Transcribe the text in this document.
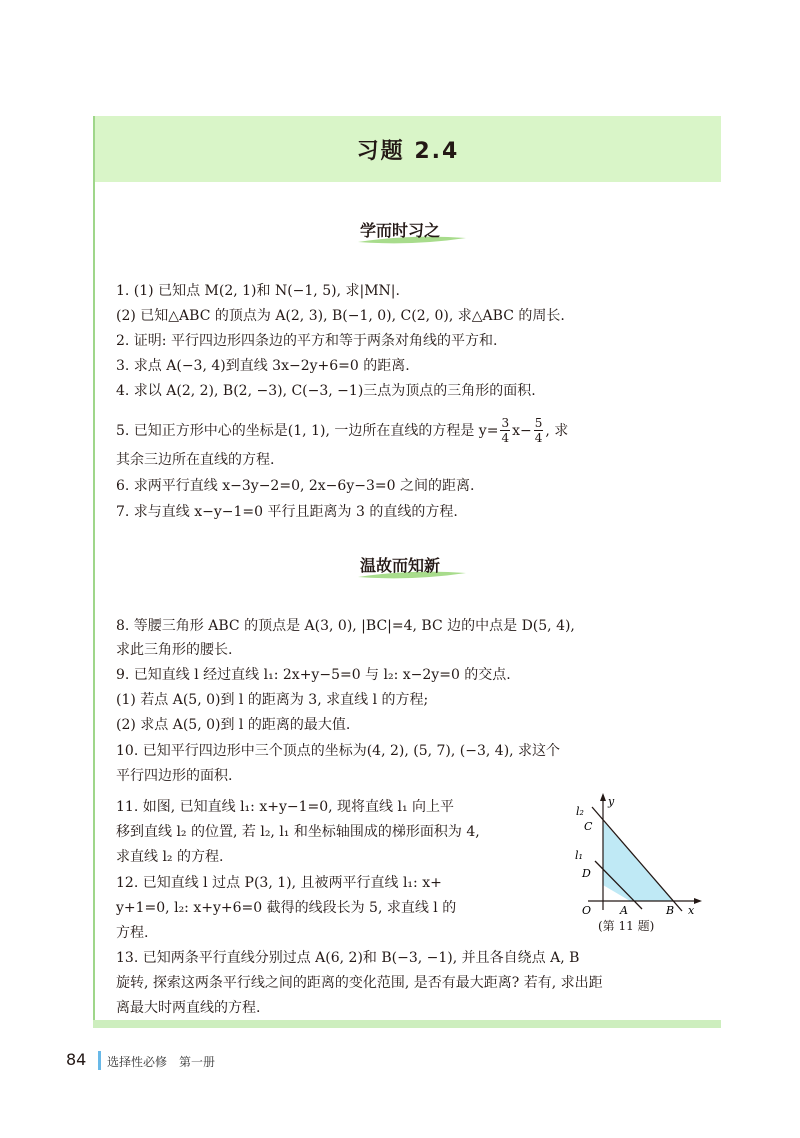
习题 2.4
学而时习之
1. (1) 已知点 M(2, 1)和 N(−1, 5), 求|MN|.
(2) 已知△ABC 的顶点为 A(2, 3), B(−1, 0), C(2, 0), 求△ABC 的周长.
2. 证明: 平行四边形四条边的平方和等于两条对角线的平方和.
3. 求点 A(−3, 4)到直线 3x−2y+6=0 的距离.
4. 求以 A(2, 2), B(2, −3), C(−3, −1)三点为顶点的三角形的面积.
5. 已知正方形中心的坐标是(1, 1), 一边所在直线的方程是 $y= \frac{3}{4} x- \frac{5}{4}$ , 求
其余三边所在直线的方程.
6. 求两平行直线 x−3y−2=0, 2x−6y−3=0 之间的距离.
7. 求与直线 x−y−1=0 平行且距离为 3 的直线的方程.
温故而知新
8. 等腰三角形 ABC 的顶点是 A(3, 0), |BC|=4, BC 边的中点是 D(5, 4),
求此三角形的腰长.
9. 已知直线 l 经过直线 l₁: 2x+y−5=0 与 l₂: x−2y=0 的交点.
(1) 若点 A(5, 0)到 l 的距离为 3, 求直线 l 的方程;
(2) 求点 A(5, 0)到 l 的距离的最大值.
10. 已知平行四边形中三个顶点的坐标为(4, 2), (5, 7), (−3, 4), 求这个
平行四边形的面积.
11. 如图, 已知直线 l₁: x+y−1=0, 现将直线 l₁ 向上平
移到直线 l₂ 的位置, 若 l₂, l₁ 和坐标轴围成的梯形面积为 4,
求直线 l₂ 的方程.
12. 已知直线 l 过点 P(3, 1), 且被两平行直线 l₁: x+
y+1=0, l₂: x+y+6=0 截得的线段长为 5, 求直线 l 的
方程.
13. 已知两条平行直线分别过点 A(6, 2)和 B(−3, −1), 并且各自绕点 A, B
旋转, 探索这两条平行线之间的距离的变化范围, 是否有最大距离? 若有, 求出距
离最大时两直线的方程.
y
l₂
C
l₁
D
O	A	B x
(第 11 题)
84 选择性必修　第一册
